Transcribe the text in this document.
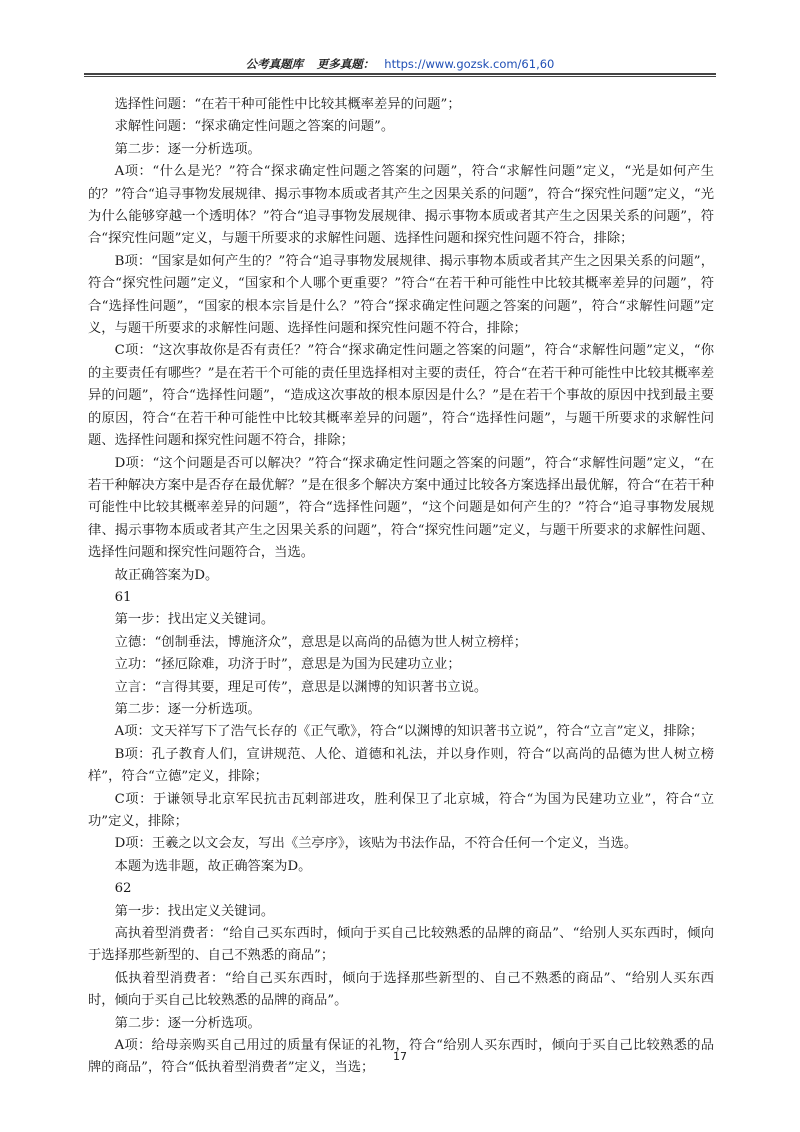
公考真题库 更多真题： https://www.gozsk.com/61,60

选择性问题：“在若干种可能性中比较其概率差异的问题”；

求解性问题：“探求确定性问题之答案的问题”。

第二步：逐一分析选项。

A项：“什么是光？”符合“探求确定性问题之答案的问题”，符合“求解性问题”定义，“光是如何产生的？”符合“追寻事物发展规律、揭示事物本质或者其产生之因果关系的问题”，符合“探究性问题”定义，“光为什么能够穿越一个透明体？”符合“追寻事物发展规律、揭示事物本质或者其产生之因果关系的问题”，符合“探究性问题”定义，与题干所要求的求解性问题、选择性问题和探究性问题不符合，排除；

B项：“国家是如何产生的？”符合“追寻事物发展规律、揭示事物本质或者其产生之因果关系的问题”，符合“探究性问题”定义，“国家和个人哪个更重要？”符合“在若干种可能性中比较其概率差异的问题”，符合“选择性问题”，“国家的根本宗旨是什么？”符合“探求确定性问题之答案的问题”，符合“求解性问题”定义，与题干所要求的求解性问题、选择性问题和探究性问题不符合，排除；

C项：“这次事故你是否有责任？”符合“探求确定性问题之答案的问题”，符合“求解性问题”定义，“你的主要责任有哪些？”是在若干个可能的责任里选择相对主要的责任，符合“在若干种可能性中比较其概率差异的问题”，符合“选择性问题”，“造成这次事故的根本原因是什么？”是在若干个事故的原因中找到最主要的原因，符合“在若干种可能性中比较其概率差异的问题”，符合“选择性问题”，与题干所要求的求解性问题、选择性问题和探究性问题不符合，排除；

D项：“这个问题是否可以解决？”符合“探求确定性问题之答案的问题”，符合“求解性问题”定义，“在若干种解决方案中是否存在最优解？”是在很多个解决方案中通过比较各方案选择出最优解，符合“在若干种可能性中比较其概率差异的问题”，符合“选择性问题”，“这个问题是如何产生的？”符合“追寻事物发展规律、揭示事物本质或者其产生之因果关系的问题”，符合“探究性问题”定义，与题干所要求的求解性问题、选择性问题和探究性问题符合，当选。

故正确答案为D。

61

第一步：找出定义关键词。

立德：“创制垂法，博施济众”，意思是以高尚的品德为世人树立榜样；

立功：“拯厄除难，功济于时”，意思是为国为民建功立业；

立言：“言得其要，理足可传”，意思是以渊博的知识著书立说。

第二步：逐一分析选项。

A项：文天祥写下了浩气长存的《正气歌》，符合“以渊博的知识著书立说”，符合“立言”定义，排除；

B项：孔子教育人们，宣讲规范、人伦、道德和礼法，并以身作则，符合“以高尚的品德为世人树立榜样”，符合“立德”定义，排除；

C项：于谦领导北京军民抗击瓦剌部进攻，胜利保卫了北京城，符合“为国为民建功立业”，符合“立功”定义，排除；

D项：王羲之以文会友，写出《兰亭序》，该贴为书法作品，不符合任何一个定义，当选。

本题为选非题，故正确答案为D。

62

第一步：找出定义关键词。

高执着型消费者：“给自己买东西时，倾向于买自己比较熟悉的品牌的商品”、“给别人买东西时，倾向于选择那些新型的、自己不熟悉的商品”；

低执着型消费者：“给自己买东西时，倾向于选择那些新型的、自己不熟悉的商品”、“给别人买东西时，倾向于买自己比较熟悉的品牌的商品”。

第二步：逐一分析选项。

A项：给母亲购买自己用过的质量有保证的礼物，符合“给别人买东西时，倾向于买自己比较熟悉的品牌的商品”，符合“低执着型消费者”定义，当选；

17
